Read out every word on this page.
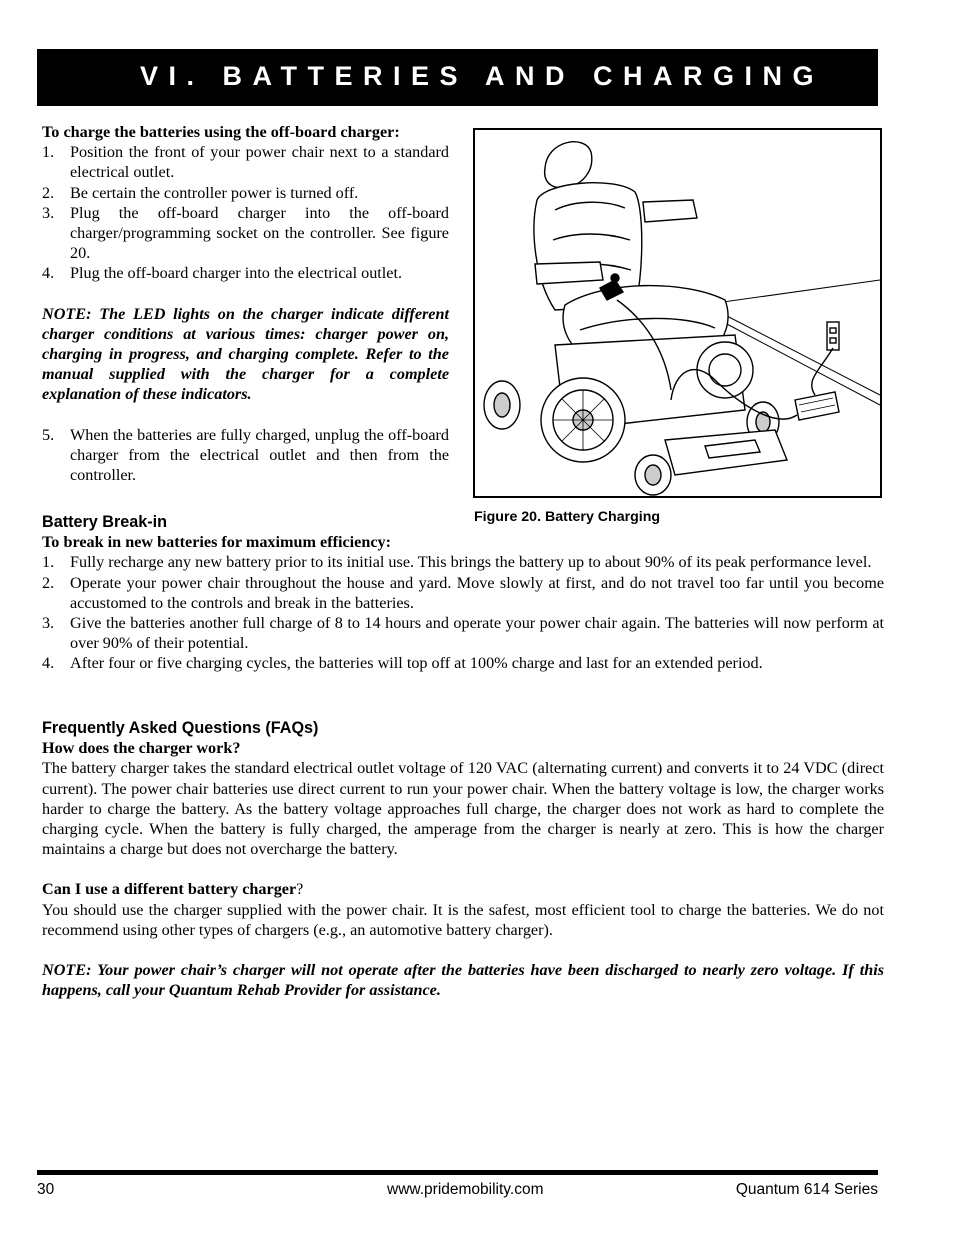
VI. BATTERIES AND CHARGING

To charge the batteries using the off-board charger:

1. Position the front of your power chair next to a standard electrical outlet.
2. Be certain the controller power is turned off.
3. Plug the off-board charger into the off-board charger/programming socket on the controller. See figure 20.
4. Plug the off-board charger into the electrical outlet.

NOTE: The LED lights on the charger indicate different charger conditions at various times: charger power on, charging in progress, and charging complete. Refer to the manual supplied with the charger for a complete explanation of these indicators.

5. When the batteries are fully charged, unplug the off-board charger from the electrical outlet and then from the controller.
Figure 20. Battery Charging

Battery Break-in

To break in new batteries for maximum efficiency:

1. Fully recharge any new battery prior to its initial use. This brings the battery up to about 90% of its peak performance level.
2. Operate your power chair throughout the house and yard. Move slowly at first, and do not travel too far until you become accustomed to the controls and break in the batteries.
3. Give the batteries another full charge of 8 to 14 hours and operate your power chair again. The batteries will now perform at over 90% of their potential.
4. After four or five charging cycles, the batteries will top off at 100% charge and last for an extended period.

Frequently Asked Questions (FAQs)

How does the charger work?

The battery charger takes the standard electrical outlet voltage of 120 VAC (alternating current) and converts it to 24 VDC (direct current). The power chair batteries use direct current to run your power chair. When the battery voltage is low, the charger works harder to charge the battery. As the battery voltage approaches full charge, the charger does not work as hard to complete the charging cycle. When the battery is fully charged, the amperage from the charger is nearly at zero. This is how the charger maintains a charge but does not overcharge the battery.

Can I use a different battery charger?

You should use the charger supplied with the power chair. It is the safest, most efficient tool to charge the batteries. We do not recommend using other types of chargers (e.g., an automotive battery charger).

NOTE: Your power chair’s charger will not operate after the batteries have been discharged to nearly zero voltage. If this happens, call your Quantum Rehab Provider for assistance.

30	www.pridemobility.com	Quantum 614 Series
